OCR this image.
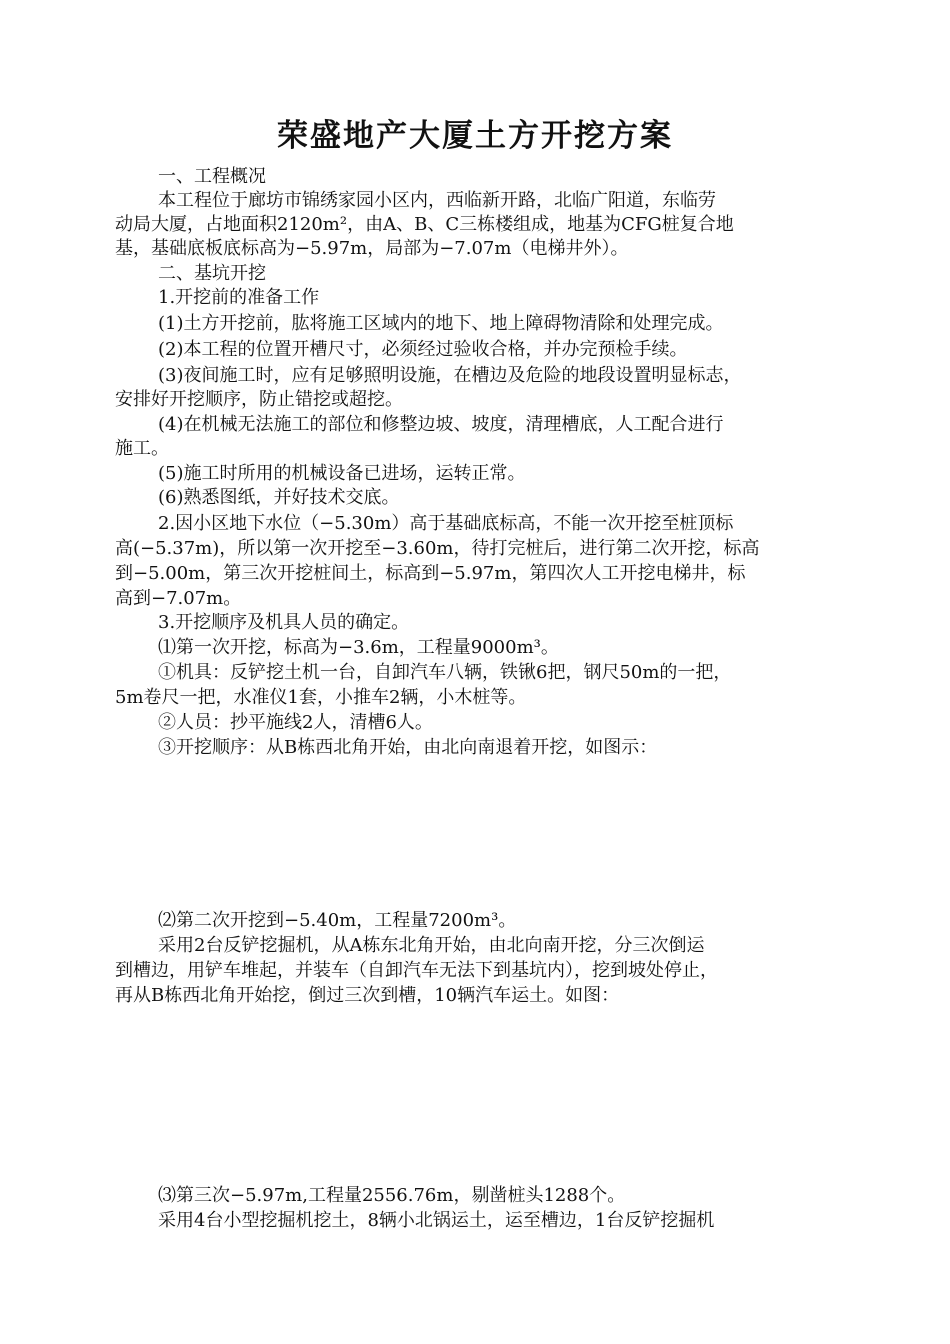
荣盛地产大厦土方开挖方案
一、工程概况
本工程位于廊坊市锦绣家园小区内，西临新开路，北临广阳道，东临劳
动局大厦，占地面积2120m²，由A、B、C三栋楼组成，地基为CFG桩复合地
基，基础底板底标高为−5.97m，局部为−7.07m（电梯井外）。
二、基坑开挖
1.开挖前的准备工作
(1)土方开挖前，肱将施工区域内的地下、地上障碍物清除和处理完成。
(2)本工程的位置开槽尺寸，必须经过验收合格，并办完预检手续。
(3)夜间施工时，应有足够照明设施，在槽边及危险的地段设置明显标志，
安排好开挖顺序，防止错挖或超挖。
(4)在机械无法施工的部位和修整边坡、坡度，清理槽底，人工配合进行
施工。
(5)施工时所用的机械设备已进场，运转正常。
(6)熟悉图纸，并好技术交底。
2.因小区地下水位（−5.30m）高于基础底标高，不能一次开挖至桩顶标
高(−5.37m)，所以第一次开挖至−3.60m，待打完桩后，进行第二次开挖，标高
到−5.00m，第三次开挖桩间土，标高到−5.97m，第四次人工开挖电梯井，标
高到−7.07m。
3.开挖顺序及机具人员的确定。
⑴第一次开挖，标高为−3.6m，工程量9000m³。
①机具：反铲挖土机一台，自卸汽车八辆，铁锹6把，钢尺50m的一把，
5m卷尺一把，水准仪1套，小推车2辆，小木桩等。
②人员：抄平施线2人，清槽6人。
③开挖顺序：从B栋西北角开始，由北向南退着开挖，如图示：
⑵第二次开挖到−5.40m，工程量7200m³。
采用2台反铲挖掘机，从A栋东北角开始，由北向南开挖，分三次倒运
到槽边，用铲车堆起，并装车（自卸汽车无法下到基坑内），挖到坡处停止，
再从B栋西北角开始挖，倒过三次到槽，10辆汽车运土。如图：
⑶第三次−5.97m,工程量2556.76m，剔凿桩头1288个。
采用4台小型挖掘机挖土，8辆小北锅运土，运至槽边，1台反铲挖掘机
